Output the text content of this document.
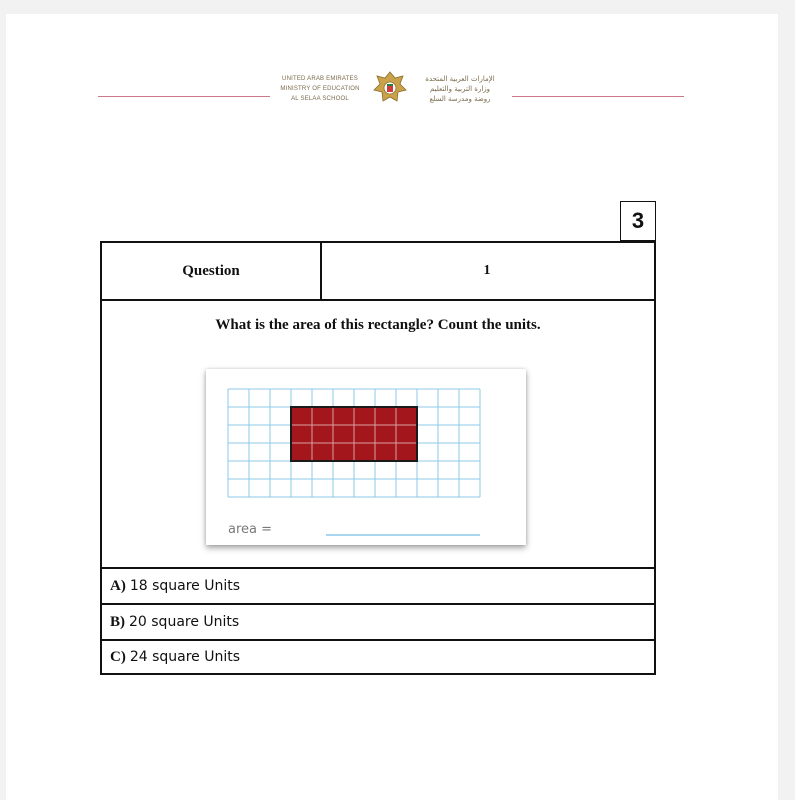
UNITED ARAB EMIRATES
MINISTRY OF EDUCATION
AL SELAA SCHOOL
الإمارات العربية المتحدة
وزارة التربية والتعليم
روضة ومدرسة السلع
3
Question	1
What is the area of this rectangle? Count the units.
area =
A) 18 square Units
B) 20 square Units
C) 24 square Units
